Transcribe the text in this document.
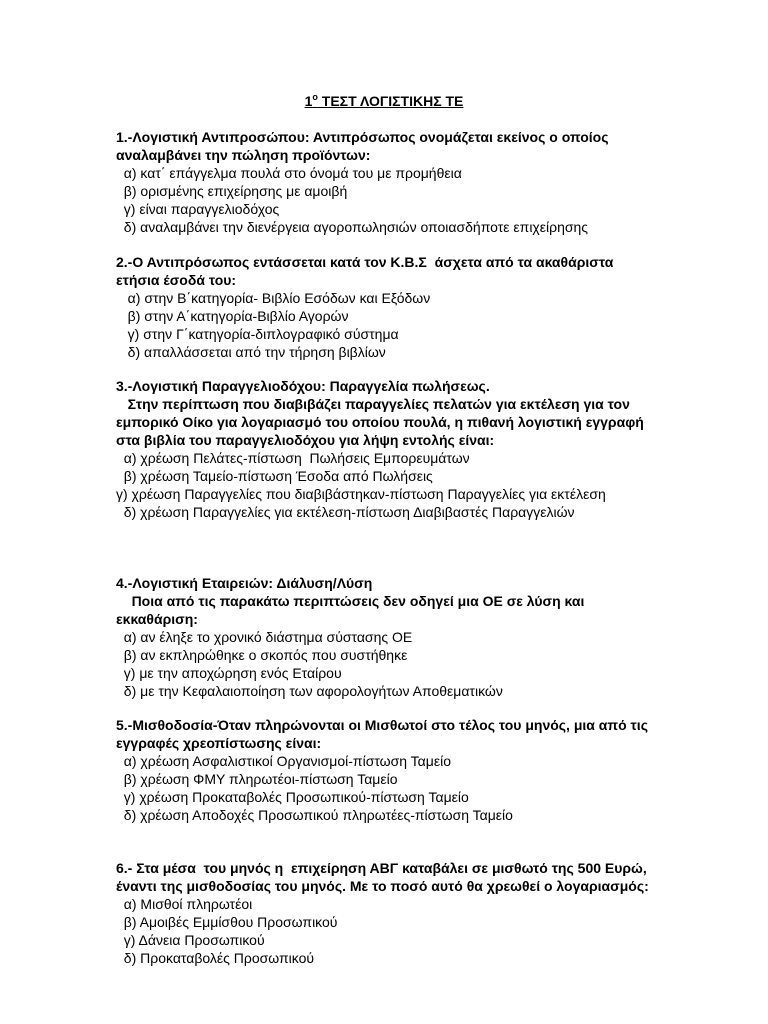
$1^o$ ΤΕΣΤ ΛΟΓΙΣΤΙΚΗΣ ΤΕ
1.-Λογιστική Αντιπροσώπου: Αντιπρόσωπος ονομάζεται εκείνος ο οποίος αναλαμβάνει την πώληση προϊόντων:
α) κατ΄ επάγγελμα πουλά στο όνομά του με προμήθεια
β) ορισμένης επιχείρησης με αμοιβή
γ) είναι παραγγελιοδόχος
δ) αναλαμβάνει την διενέργεια αγοροπωλησιών οποιασδήποτε επιχείρησης
2.-Ο Αντιπρόσωπος εντάσσεται κατά τον Κ.Β.Σ  άσχετα από τα ακαθάριστα ετήσια έσοδά του:
α) στην Β΄κατηγορία- Βιβλίο Εσόδων και Εξόδων
β) στην Α΄κατηγορία-Βιβλίο Αγορών
γ) στην Γ΄κατηγορία-διπλογραφικό σύστημα
δ) απαλλάσσεται από την τήρηση βιβλίων
3.-Λογιστική Παραγγελιοδόχου: Παραγγελία πωλήσεως.
Στην περίπτωση που διαβιβάζει παραγγελίες πελατών για εκτέλεση για τον εμπορικό Οίκο για λογαριασμό του οποίου πουλά, η πιθανή λογιστική εγγραφή στα βιβλία του παραγγελιοδόχου για λήψη εντολής είναι:
α) χρέωση Πελάτες-πίστωση  Πωλήσεις Εμπορευμάτων
β) χρέωση Ταμείο-πίστωση Έσοδα από Πωλήσεις
γ) χρέωση Παραγγελίες που διαβιβάστηκαν-πίστωση Παραγγελίες για εκτέλεση
δ) χρέωση Παραγγελίες για εκτέλεση-πίστωση Διαβιβαστές Παραγγελιών
4.-Λογιστική Εταιρειών: Διάλυση/Λύση
Ποια από τις παρακάτω περιπτώσεις δεν οδηγεί μια ΟΕ σε λύση και εκκαθάριση:
α) αν έληξε το χρονικό διάστημα σύστασης ΟΕ
β) αν εκπληρώθηκε ο σκοπός που συστήθηκε
γ) με την αποχώρηση ενός Εταίρου
δ) με την Κεφαλαιοποίηση των αφορολογήτων Αποθεματικών
5.-Μισθοδοσία-Όταν πληρώνονται οι Μισθωτοί στο τέλος του μηνός, μια από τις εγγραφές χρεοπίστωσης είναι:
α) χρέωση Ασφαλιστικοί Οργανισμοί-πίστωση Ταμείο
β) χρέωση ΦΜΥ πληρωτέοι-πίστωση Ταμείο
γ) χρέωση Προκαταβολές Προσωπικού-πίστωση Ταμείο
δ) χρέωση Αποδοχές Προσωπικού πληρωτέες-πίστωση Ταμείο
6.- Στα μέσα  του μηνός η  επιχείρηση ΑΒΓ καταβάλει σε μισθωτό της 500 Ευρώ, έναντι της μισθοδοσίας του μηνός. Με το ποσό αυτό θα χρεωθεί ο λογαριασμός:
α) Μισθοί πληρωτέοι
β) Αμοιβές Εμμίσθου Προσωπικού
γ) Δάνεια Προσωπικού
δ) Προκαταβολές Προσωπικού
